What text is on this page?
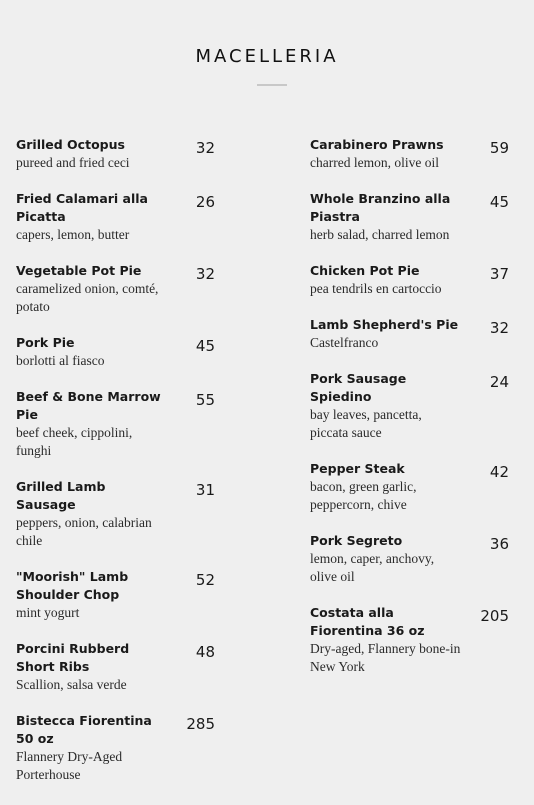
MACELLERIA
Grilled Octopus
pureed and fried ceci
32
Fried Calamari alla Picatta
capers, lemon, butter
26
Vegetable Pot Pie
caramelized onion, comté, potato
32
Pork Pie
borlotti al fiasco
45
Beef & Bone Marrow Pie
beef cheek, cippolini, funghi
55
Grilled Lamb Sausage
peppers, onion, calabrian chile
31
"Moorish" Lamb Shoulder Chop
mint yogurt
52
Porcini Rubberd Short Ribs
Scallion, salsa verde
48
Bistecca Fiorentina 50 oz
Flannery Dry-Aged Porterhouse
285
Carabinero Prawns
charred lemon, olive oil
59
Whole Branzino alla Piastra
herb salad, charred lemon
45
Chicken Pot Pie
pea tendrils en cartoccio
37
Lamb Shepherd's Pie
Castelfranco
32
Pork Sausage Spiedino
bay leaves, pancetta, piccata sauce
24
Pepper Steak
bacon, green garlic, peppercorn, chive
42
Pork Segreto
lemon, caper, anchovy, olive oil
36
Costata alla Fiorentina 36 oz
Dry-aged, Flannery bone-in New York
205
